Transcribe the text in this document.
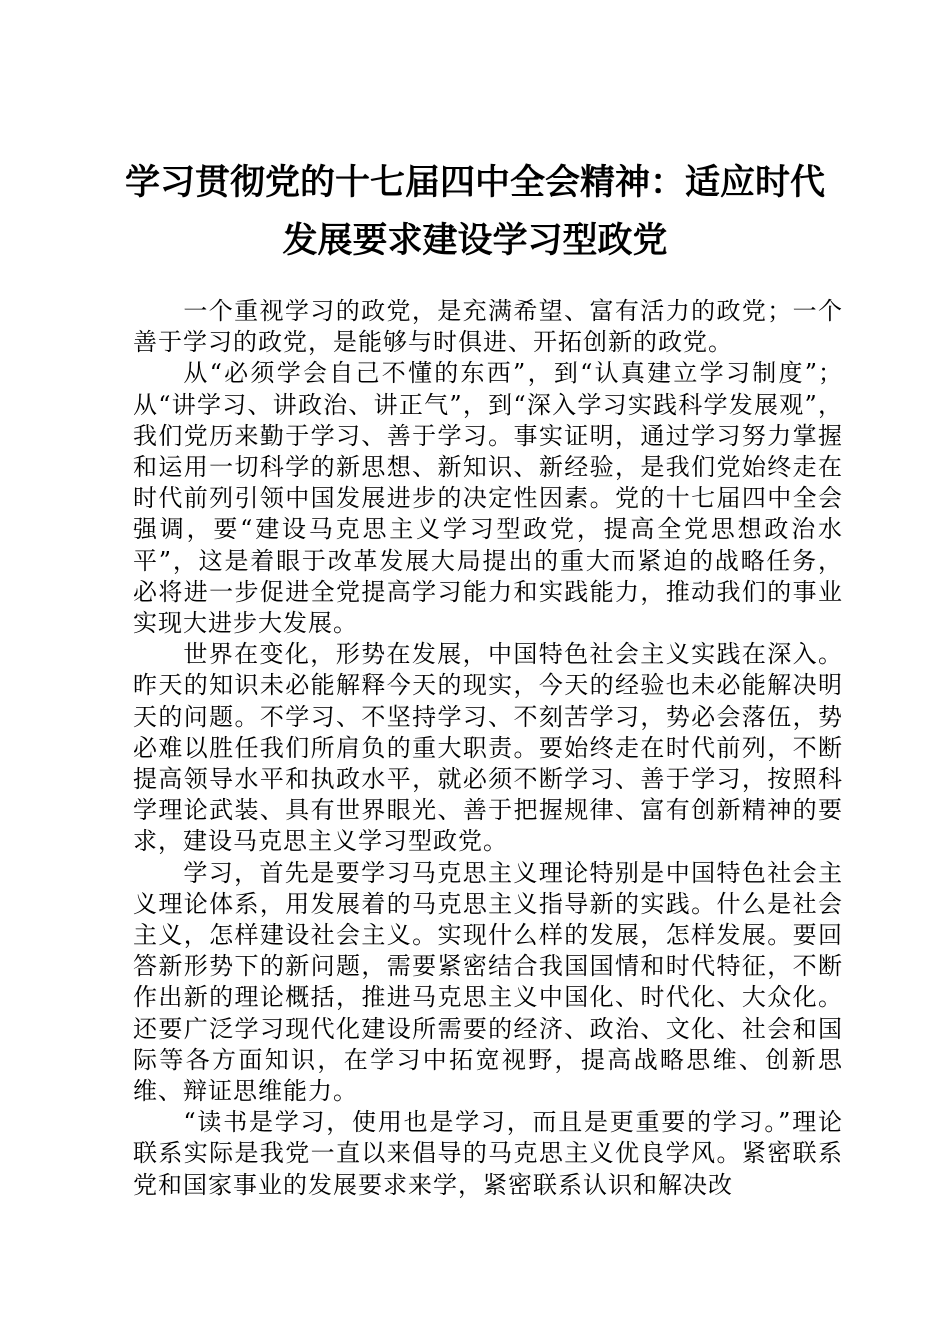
学习贯彻党的十七届四中全会精神：适应时代
发展要求建设学习型政党

一个重视学习的政党，是充满希望、富有活力的政党；一个善于学习的政党，是能够与时俱进、开拓创新的政党。

从“必须学会自己不懂的东西”，到“认真建立学习制度”；从“讲学习、讲政治、讲正气”，到“深入学习实践科学发展观”，我们党历来勤于学习、善于学习。事实证明，通过学习努力掌握和运用一切科学的新思想、新知识、新经验，是我们党始终走在时代前列引领中国发展进步的决定性因素。党的十七届四中全会强调，要“建设马克思主义学习型政党，提高全党思想政治水平”，这是着眼于改革发展大局提出的重大而紧迫的战略任务，必将进一步促进全党提高学习能力和实践能力，推动我们的事业实现大进步大发展。

世界在变化，形势在发展，中国特色社会主义实践在深入。昨天的知识未必能解释今天的现实，今天的经验也未必能解决明天的问题。不学习、不坚持学习、不刻苦学习，势必会落伍，势必难以胜任我们所肩负的重大职责。要始终走在时代前列，不断提高领导水平和执政水平，就必须不断学习、善于学习，按照科学理论武装、具有世界眼光、善于把握规律、富有创新精神的要求，建设马克思主义学习型政党。

学习，首先是要学习马克思主义理论特别是中国特色社会主义理论体系，用发展着的马克思主义指导新的实践。什么是社会主义，怎样建设社会主义。实现什么样的发展，怎样发展。要回答新形势下的新问题，需要紧密结合我国国情和时代特征，不断作出新的理论概括，推进马克思主义中国化、时代化、大众化。还要广泛学习现代化建设所需要的经济、政治、文化、社会和国际等各方面知识，在学习中拓宽视野，提高战略思维、创新思维、辩证思维能力。

“读书是学习，使用也是学习，而且是更重要的学习。”理论联系实际是我党一直以来倡导的马克思主义优良学风。紧密联系党和国家事业的发展要求来学，紧密联系认识和解决改
